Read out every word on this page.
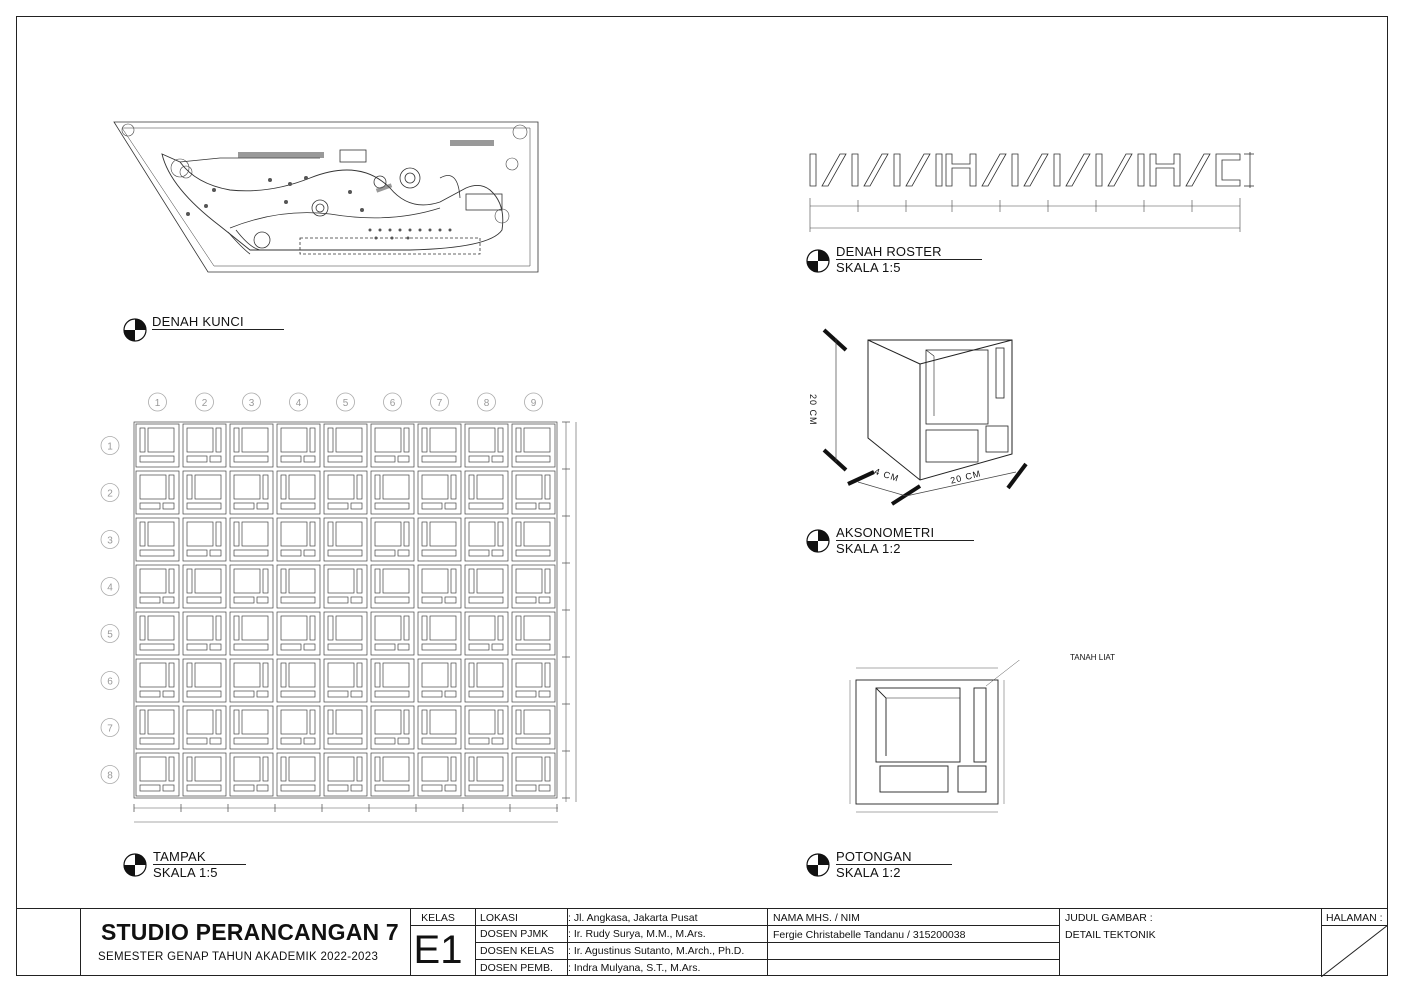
DENAH KUNCI
DENAH ROSTER
SKALA 1:5
20 CM
4 CM	20 CM
AKSONOMETRI
SKALA 1:2
1	2	3	4	5	6	7	8	9
1
2
3
4
5
6
7
8
TAMPAK
SKALA 1:5
TANAH LIAT
POTONGAN
SKALA 1:2
STUDIO PERANCANGAN 7
SEMESTER GENAP TAHUN AKADEMIK 2022-2023
KELAS
E1
LOKASI	: Jl. Angkasa, Jakarta Pusat
DOSEN PJMK : Ir. Rudy Surya, M.M., M.Ars.
DOSEN KELAS : Ir. Agustinus Sutanto, M.Arch., Ph.D.
DOSEN PEMB. : Indra Mulyana, S.T., M.Ars.
NAMA MHS. / NIM
Fergie Christabelle Tandanu / 315200038
JUDUL GAMBAR :
DETAIL TEKTONIK
HALAMAN :
